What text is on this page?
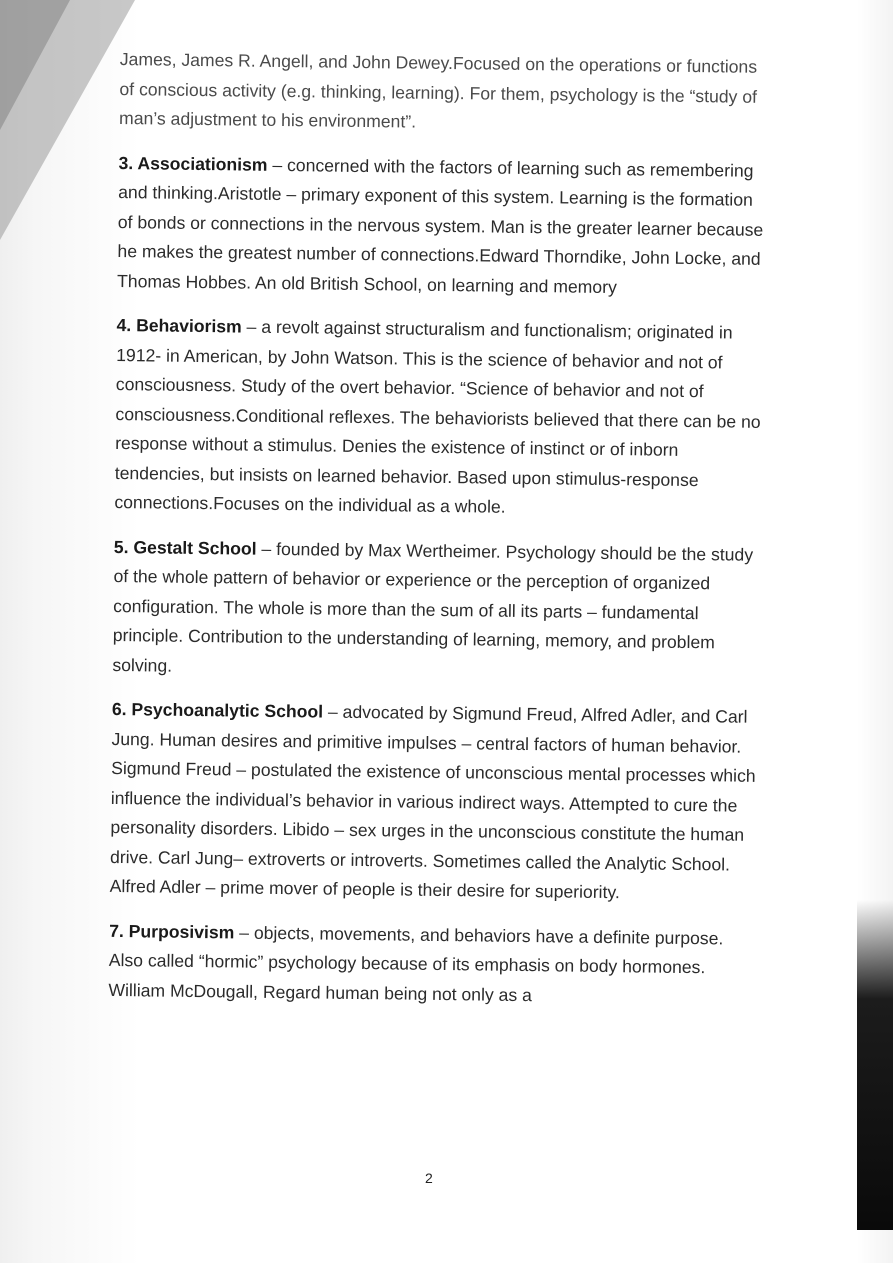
James, James R. Angell, and John Dewey.Focused on the operations or functions of conscious activity (e.g. thinking, learning). For them, psychology is the “study of man’s adjustment to his environment”.

3. Associationism – concerned with the factors of learning such as remembering and thinking.Aristotle – primary exponent of this system. Learning is the formation of bonds or connections in the nervous system. Man is the greater learner because he makes the greatest number of connections.Edward Thorndike, John Locke, and Thomas Hobbes. An old British School, on learning and memory

4. Behaviorism – a revolt against structuralism and functionalism; originated in 1912- in American, by John Watson. This is the science of behavior and not of consciousness. Study of the overt behavior. “Science of behavior and not of consciousness.Conditional reflexes. The behaviorists believed that there can be no response without a stimulus. Denies the existence of instinct or of inborn tendencies, but insists on learned behavior. Based upon stimulus-response connections.Focuses on the individual as a whole.

5. Gestalt School – founded by Max Wertheimer. Psychology should be the study of the whole pattern of behavior or experience or the perception of organized configuration. The whole is more than the sum of all its parts – fundamental principle. Contribution to the understanding of learning, memory, and problem solving.

6. Psychoanalytic School – advocated by Sigmund Freud, Alfred Adler, and Carl Jung. Human desires and primitive impulses – central factors of human behavior. Sigmund Freud – postulated the existence of unconscious mental processes which influence the individual’s behavior in various indirect ways. Attempted to cure the personality disorders. Libido – sex urges in the unconscious constitute the human drive. Carl Jung– extroverts or introverts. Sometimes called the Analytic School. Alfred Adler – prime mover of people is their desire for superiority.

7. Purposivism – objects, movements, and behaviors have a definite purpose. Also called “hormic” psychology because of its emphasis on body hormones. William McDougall, Regard human being not only as a

2
